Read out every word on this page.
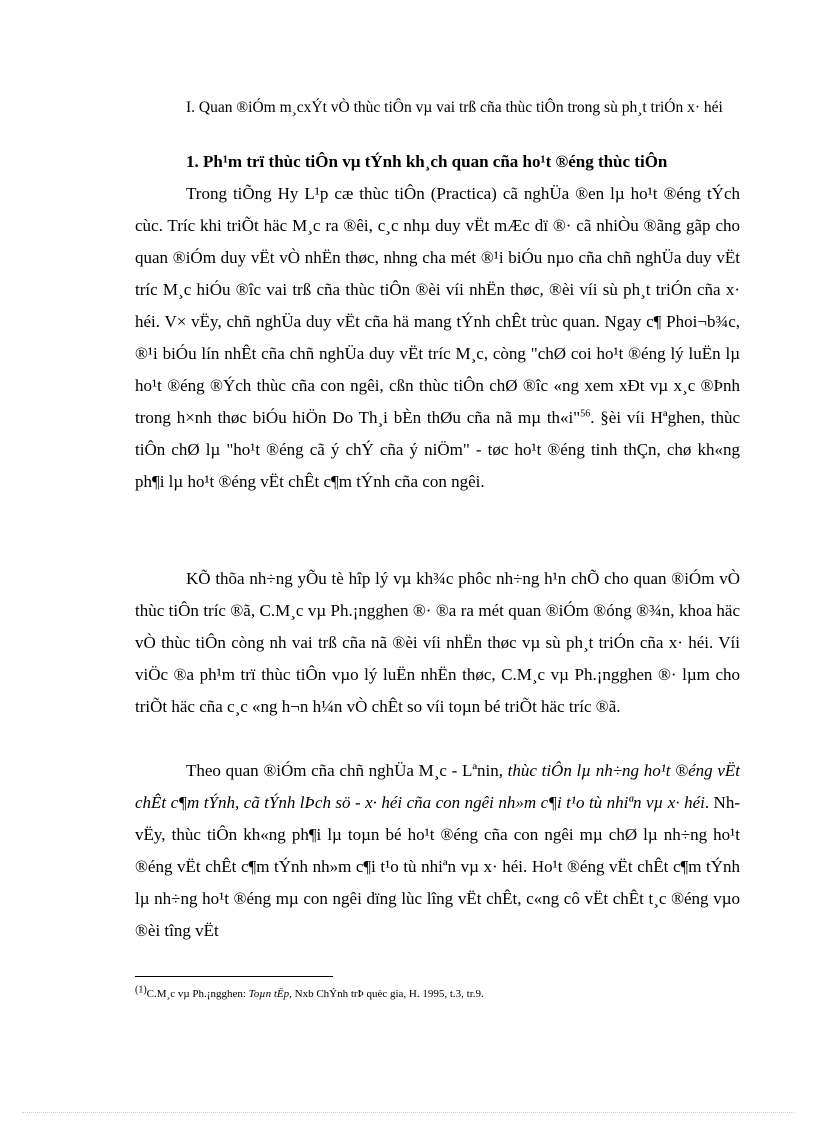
I. Quan ®iÓm m¸cxÝt vÒ thùc tiÔn vµ vai trß cña thùc tiÔn trong sù ph¸t triÓn x· héi
1. Ph¹m trï thùc tiÔn vµ tÝnh kh¸ch quan cña ho¹t ®éng thùc tiÔn

Trong tiÕng Hy L¹p cæ thùc tiÔn (Practica) cã nghÜa ®en lµ ho¹t ®éng tÝch cùc. Tríc khi triÕt häc M¸c ra ®êi, c¸c nhµ duy vËt mÆc dï ®· cã nhiÒu ®ãng gãp cho quan ®iÓm duy vËt vÒ nhËn thøc, nhng cha mét ®¹i biÓu nµo cña chñ nghÜa duy vËt tríc M¸c hiÓu ®îc vai trß cña thùc tiÔn ®èi víi nhËn thøc, ®èi víi sù ph¸t triÓn cña x· héi. V× vËy, chñ nghÜa duy vËt cña hä mang tÝnh chÊt trùc quan. Ngay c¶ Phoi¬b¾c, ®¹i biÓu lín nhÊt cña chñ nghÜa duy vËt tríc M¸c, còng "chØ coi ho¹t ®éng lý luËn lµ ho¹t ®éng ®Ých thùc cña con ngêi, cßn thùc tiÔn chØ ®îc «ng xem xÐt vµ x¸c ®Þnh trong h×nh thøc biÓu hiÖn Do Th¸i bÈn thØu cña nã mµ th«i"$^{56}$. §èi víi Hªghen, thùc tiÔn chØ lµ "ho¹t ®éng cã ý chÝ cña ý niÖm" - tøc ho¹t ®éng tinh thÇn, chø kh«ng ph¶i lµ ho¹t ®éng vËt chÊt c¶m tÝnh cña con ngêi.

KÕ thõa nh÷ng yÕu tè hîp lý vµ kh¾c phôc nh÷ng h¹n chÕ cho quan ®iÓm vÒ thùc tiÔn tríc ®ã, C.M¸c vµ Ph.¡ngghen ®· ®a ra mét quan ®iÓm ®óng ®¾n, khoa häc vÒ thùc tiÔn còng nh vai trß cña nã ®èi víi nhËn thøc vµ sù ph¸t triÓn cña x· héi. Víi viÖc ®a ph¹m trï thùc tiÔn vµo lý luËn nhËn thøc, C.M¸c vµ Ph.¡ngghen ®· lµm cho triÕt häc cña c¸c «ng h¬n h¼n vÒ chÊt so víi toµn bé triÕt häc tríc ®ã.

Theo quan ®iÓm cña chñ nghÜa M¸c - Lªnin, thùc tiÔn lµ nh÷ng ho¹t ®éng vËt chÊt c¶m tÝnh, cã tÝnh lÞch sö - x· héi cña con ngêi nh»m c¶i t¹o tù nhiªn vµ x· héi. Nh vËy, thùc tiÔn kh«ng ph¶i lµ toµn bé ho¹t ®éng cña con ngêi mµ chØ lµ nh÷ng ho¹t ®éng vËt chÊt c¶m tÝnh nh»m c¶i t¹o tù nhiªn vµ x· héi. Ho¹t ®éng vËt chÊt c¶m tÝnh lµ nh÷ng ho¹t ®éng mµ con ngêi dïng lùc lîng vËt chÊt, c«ng cô vËt chÊt t¸c ®éng vµo ®èi tîng vËt

$^{(1)}$C.M¸c vµ Ph.¡ngghen: Toµn tËp, Nxb ChÝnh trÞ quèc gia, H. 1995, t.3, tr.9.
